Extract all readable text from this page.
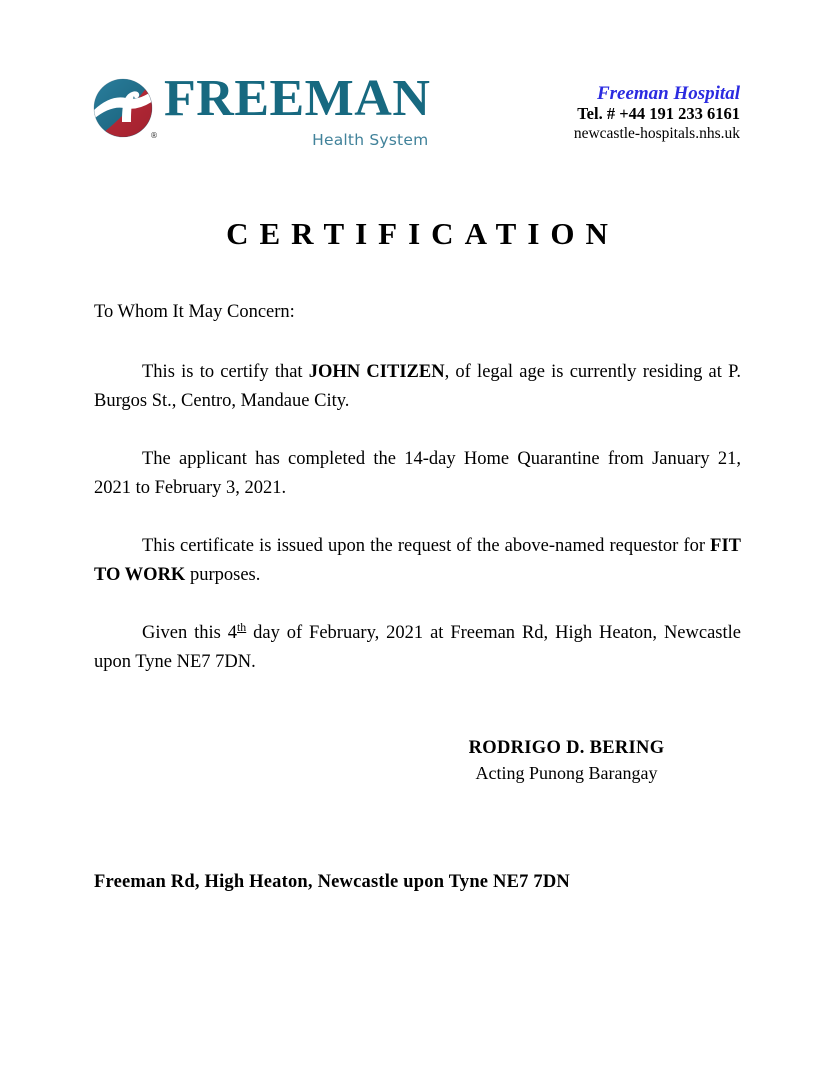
®
FREEMAN
Health System
Freeman Hospital
Tel. # +44 191 233 6161
newcastle-hospitals.nhs.uk
CERTIFICATION
To Whom It May Concern:

This is to certify that JOHN CITIZEN, of legal age is currently residing at P. Burgos St., Centro, Mandaue City.

The applicant has completed the 14-day Home Quarantine from January 21, 2021 to February 3, 2021.

This certificate is issued upon the request of the above-named requestor for FIT TO WORK purposes.

Given this 4th day of February, 2021 at Freeman Rd, High Heaton, Newcastle upon Tyne NE7 7DN.

RODRIGO D. BERING
Acting Punong Barangay
Freeman Rd, High Heaton, Newcastle upon Tyne NE7 7DN
